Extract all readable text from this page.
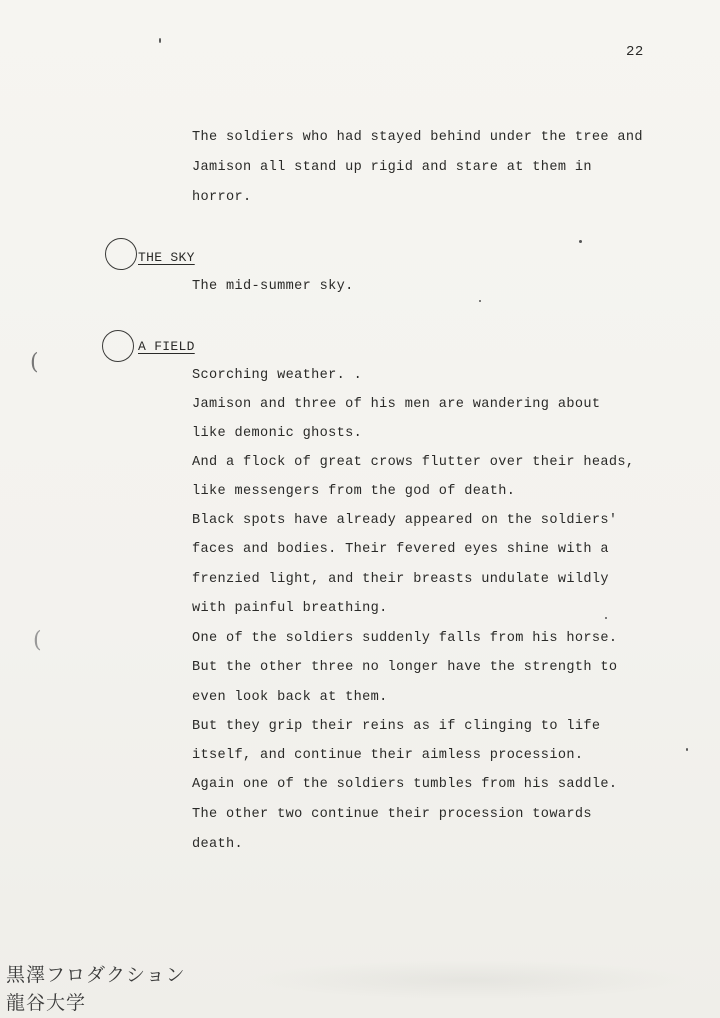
22
The soldiers who had stayed behind under the tree and
Jamison all stand up rigid and stare at them in
horror.
THE SKY
The mid-summer sky.
A FIELD
Scorching weather. .
Jamison and three of his men are wandering about
like demonic ghosts.
And a flock of great crows flutter over their heads,
like messengers from the god of death.
Black spots have already appeared on the soldiers'
faces and bodies. Their fevered eyes shine with a
frenzied light, and their breasts undulate wildly
with painful breathing.
One of the soldiers suddenly falls from his horse.
But the other three no longer have the strength to
even look back at them.
But they grip their reins as if clinging to life
itself, and continue their aimless procession.
Again one of the soldiers tumbles from his saddle.
The other two continue their procession towards
death.
(
(
黒澤フロダクション
龍谷大学
